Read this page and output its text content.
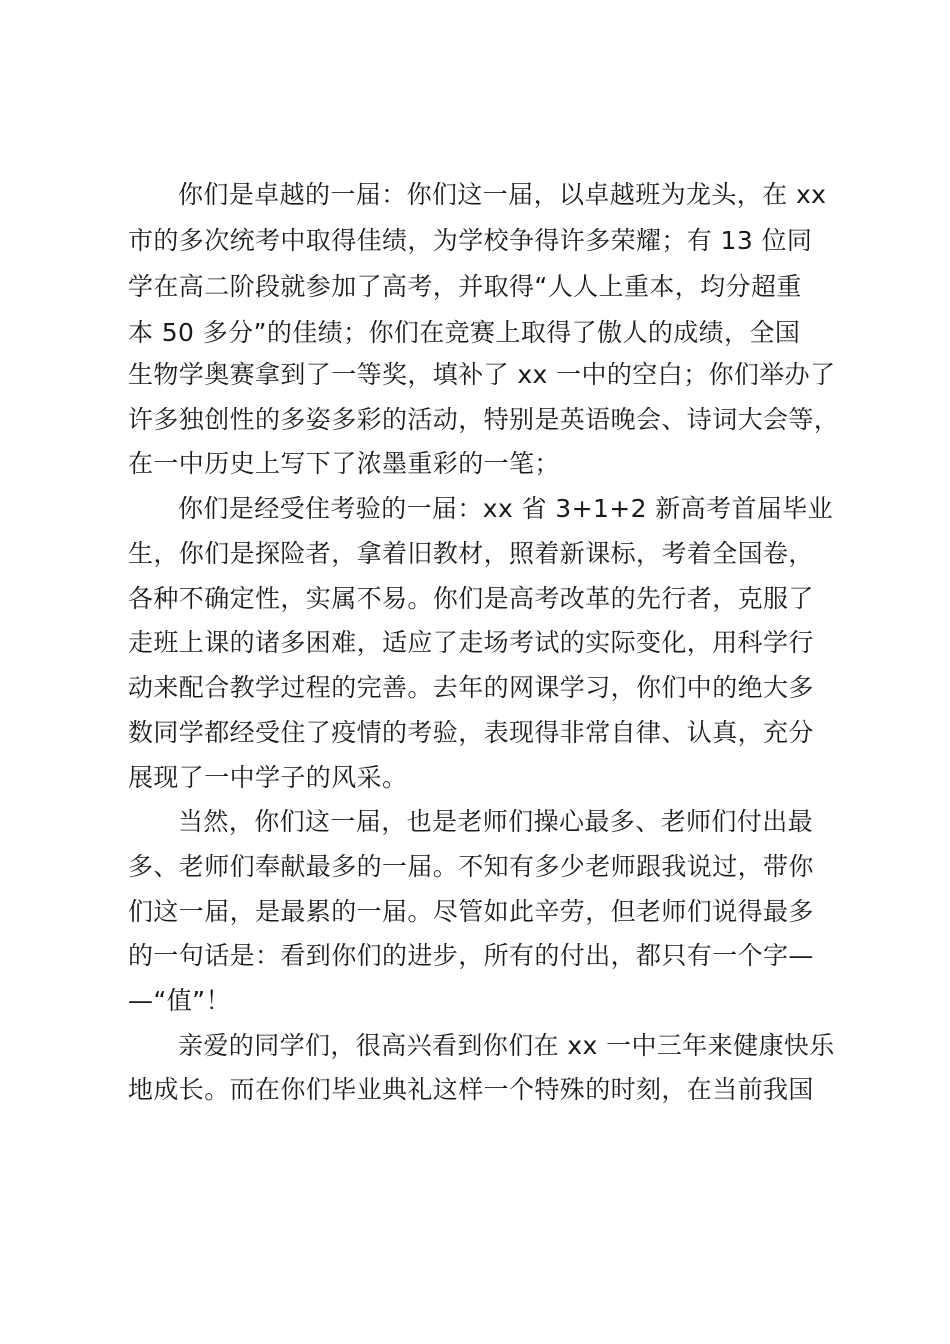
你们是卓越的一届：你们这一届，以卓越班为龙头，在 xx
市的多次统考中取得佳绩，为学校争得许多荣耀；有 13 位同
学在高二阶段就参加了高考，并取得“人人上重本，均分超重
本 50 多分”的佳绩；你们在竞赛上取得了傲人的成绩，全国
生物学奥赛拿到了一等奖，填补了 xx 一中的空白；你们举办了
许多独创性的多姿多彩的活动，特别是英语晚会、诗词大会等，
在一中历史上写下了浓墨重彩的一笔；
你们是经受住考验的一届：xx 省 3+1+2 新高考首届毕业
生，你们是探险者，拿着旧教材，照着新课标，考着全国卷，
各种不确定性，实属不易。你们是高考改革的先行者，克服了
走班上课的诸多困难，适应了走场考试的实际变化，用科学行
动来配合教学过程的完善。去年的网课学习，你们中的绝大多
数同学都经受住了疫情的考验，表现得非常自律、认真，充分
展现了一中学子的风采。
当然，你们这一届，也是老师们操心最多、老师们付出最
多、老师们奉献最多的一届。不知有多少老师跟我说过，带你
们这一届，是最累的一届。尽管如此辛劳，但老师们说得最多
的一句话是：看到你们的进步，所有的付出，都只有一个字—
—“值”！
亲爱的同学们，很高兴看到你们在 xx 一中三年来健康快乐
地成长。而在你们毕业典礼这样一个特殊的时刻，在当前我国
